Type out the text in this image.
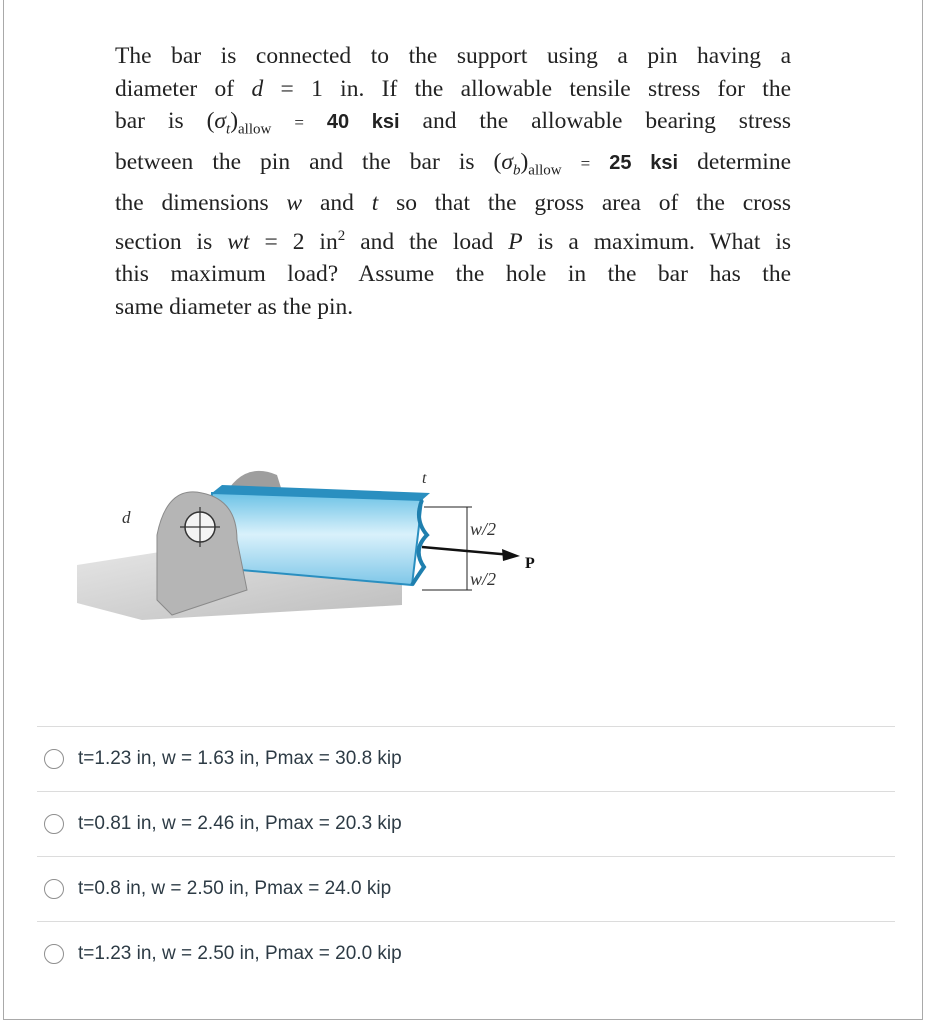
The bar is connected to the support using a pin having a
diameter of d = 1 in. If the allowable tensile stress for the
bar is $(\sigma_t)_{allow} = 40$ ksi and the allowable bearing stress
between the pin and the bar is $(\sigma_b)_{allow} = 25$ ksi determine
the dimensions w and t so that the gross area of the cross
section is wt = 2 $in^2$ and the load P is a maximum. What is
this maximum load? Assume the hole in the bar has the
same diameter as the pin.
d
t
w/2
w/2
P
t=1.23 in, w = 1.63 in, Pmax = 30.8 kip
t=0.81 in, w = 2.46 in, Pmax = 20.3 kip
t=0.8 in, w = 2.50 in, Pmax = 24.0 kip
t=1.23 in, w = 2.50 in, Pmax = 20.0 kip
